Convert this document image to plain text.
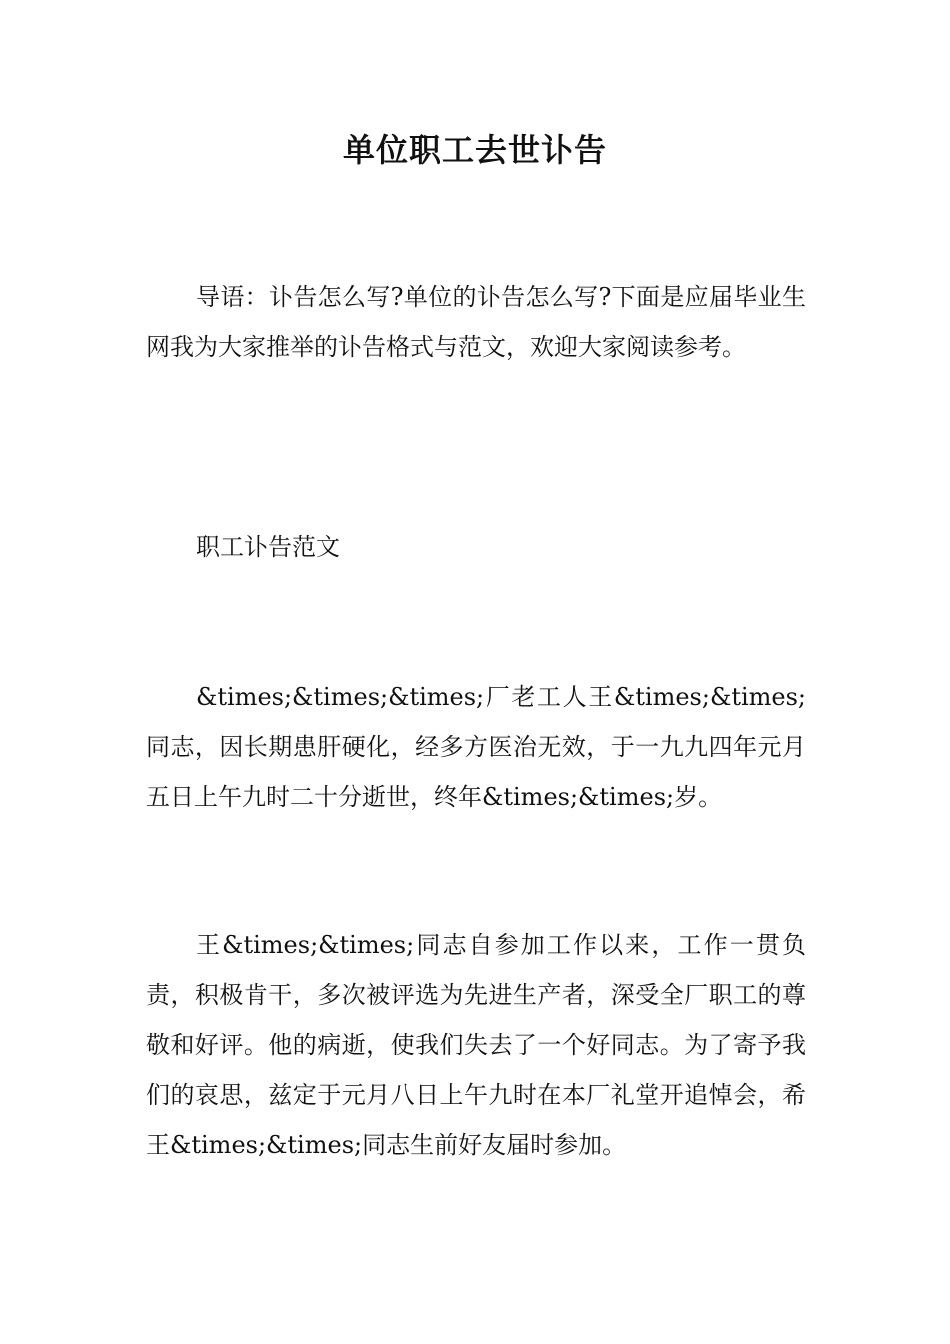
单位职工去世讣告

导语：讣告怎么写?单位的讣告怎么写?下面是应届毕业生网我为大家推举的讣告格式与范文，欢迎大家阅读参考。

职工讣告范文

&times;&times;&times;厂老工人王&times;&times;同志，因长期患肝硬化，经多方医治无效，于一九九四年元月五日上午九时二十分逝世，终年&times;&times;岁。

王&times;&times;同志自参加工作以来，工作一贯负责，积极肯干，多次被评选为先进生产者，深受全厂职工的尊敬和好评。他的病逝，使我们失去了一个好同志。为了寄予我们的哀思，兹定于元月八日上午九时在本厂礼堂开追悼会，希王&times;&times;同志生前好友届时参加。
